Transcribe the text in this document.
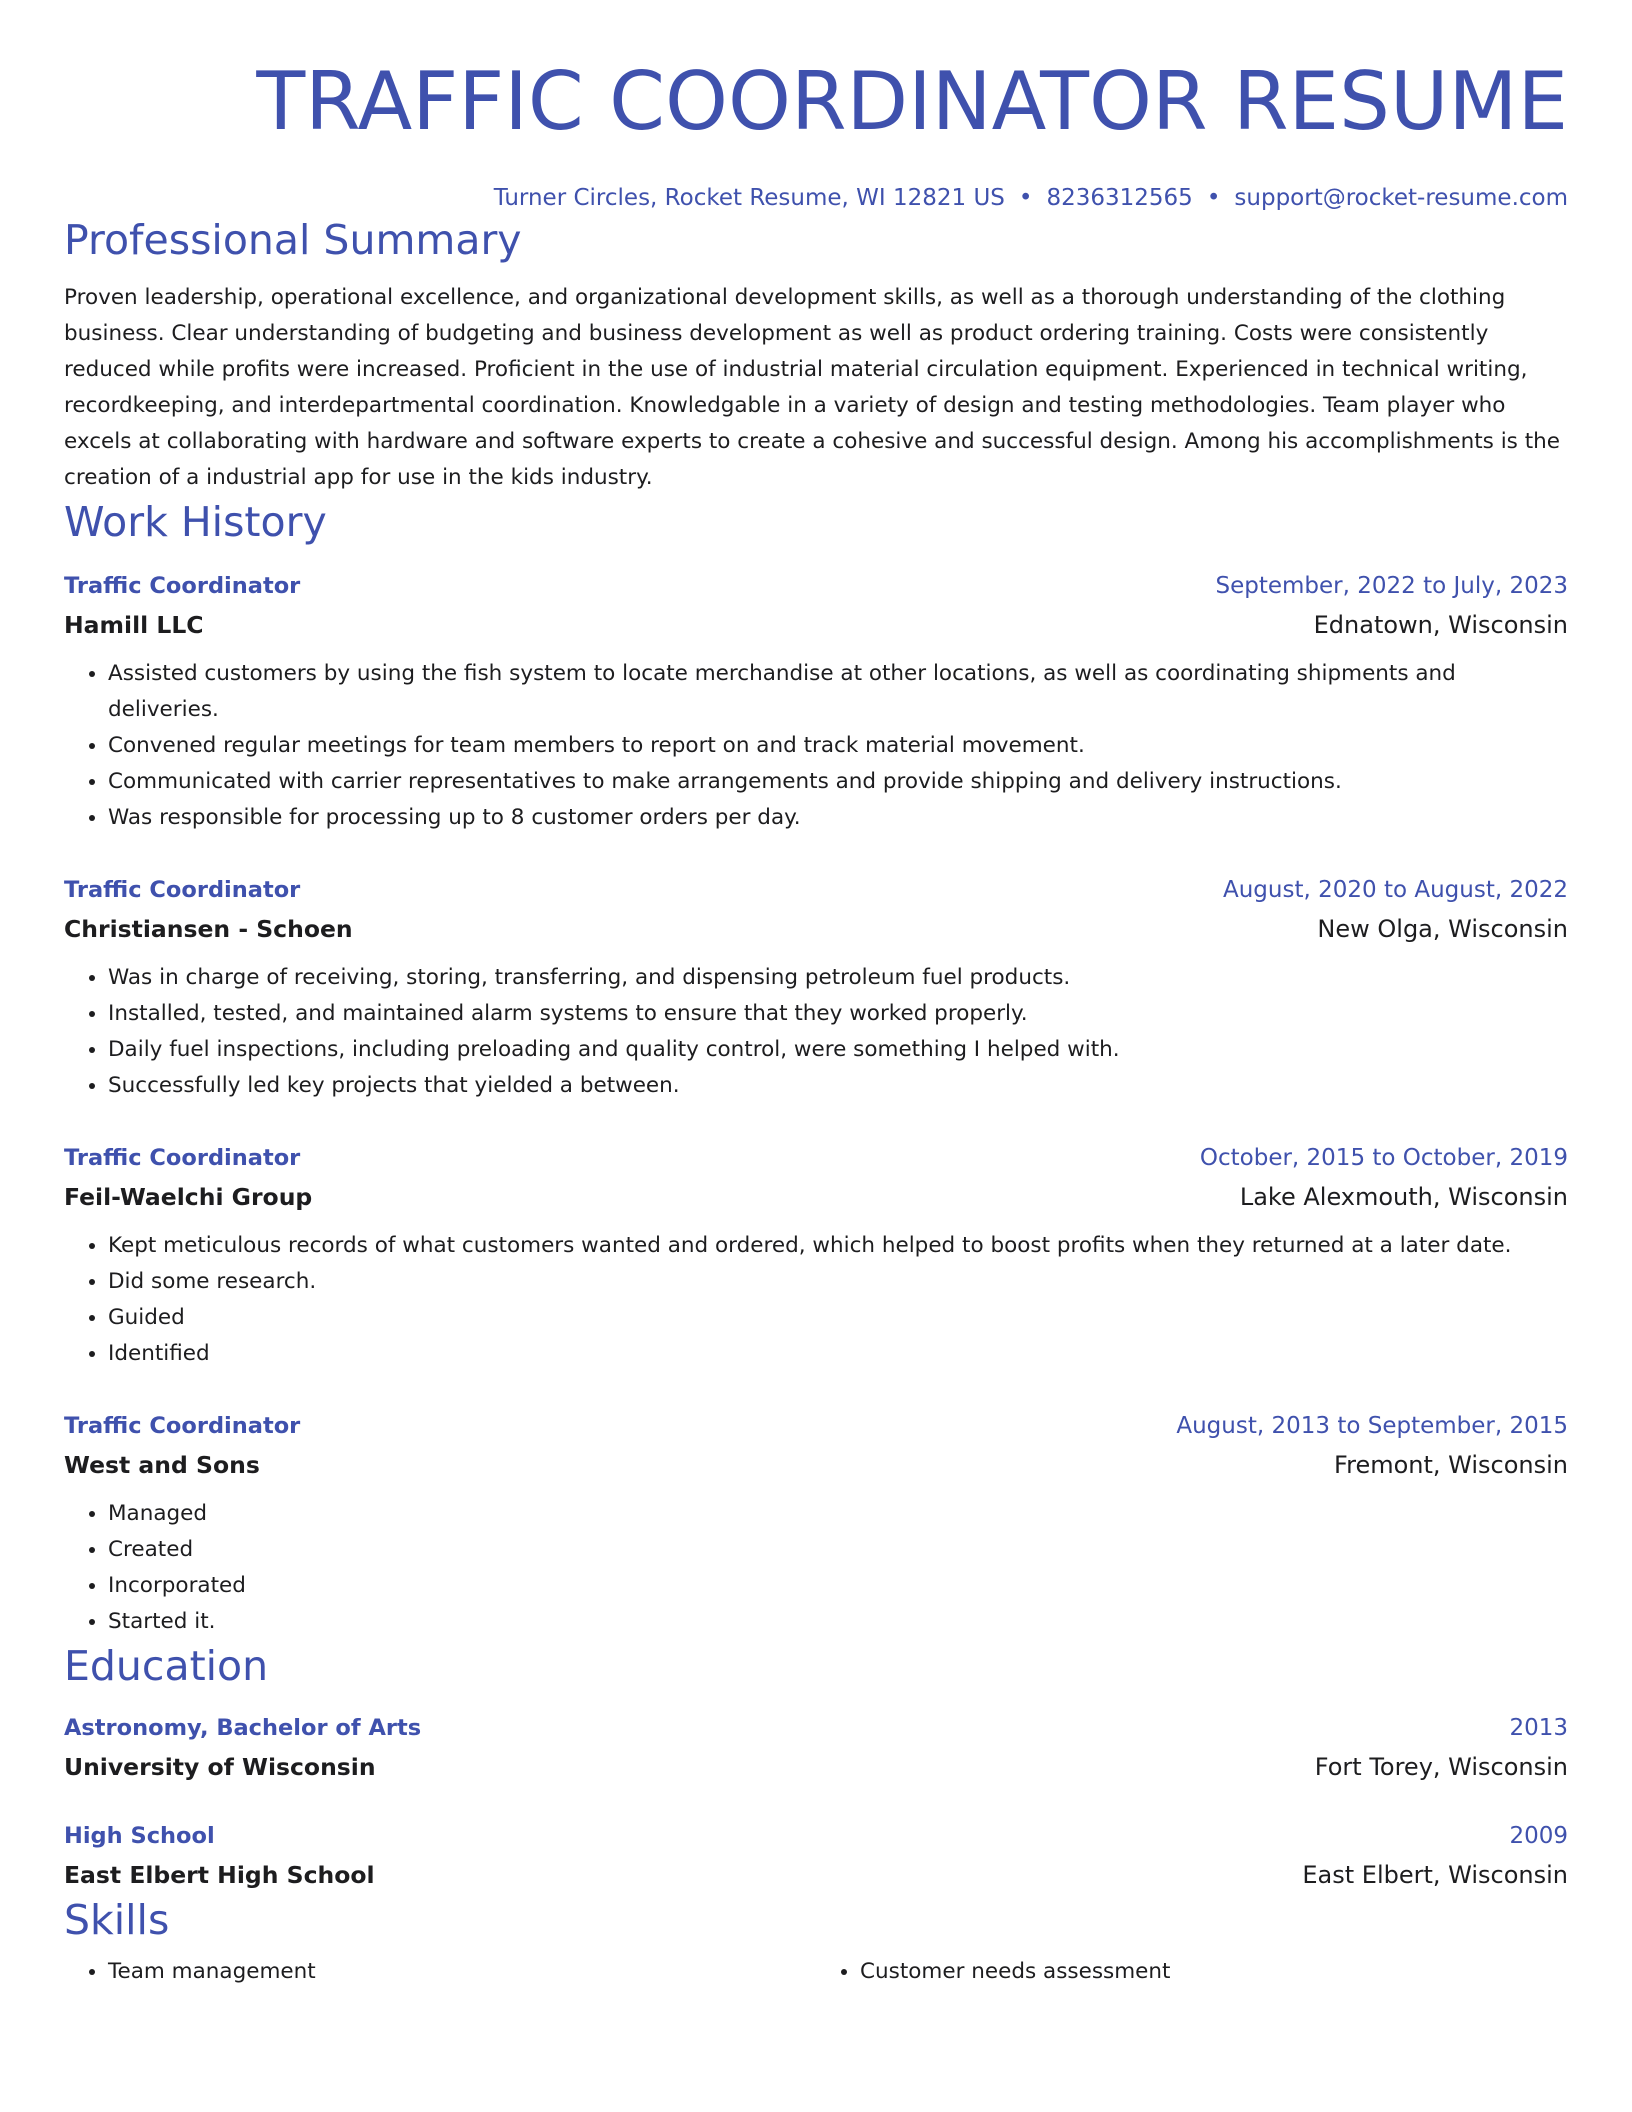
TRAFFIC COORDINATOR RESUME
Turner Circles, Rocket Resume, WI 12821 US • 8236312565 • support@rocket-resume.com
Professional Summary
Proven leadership, operational excellence, and organizational development skills, as well as a thorough understanding of the clothing business. Clear understanding of budgeting and business development as well as product ordering training. Costs were consistently reduced while profits were increased. Proficient in the use of industrial material circulation equipment. Experienced in technical writing, recordkeeping, and interdepartmental coordination. Knowledgable in a variety of design and testing methodologies. Team player who excels at collaborating with hardware and software experts to create a cohesive and successful design. Among his accomplishments is the creation of a industrial app for use in the kids industry.
Work History
Traffic Coordinator	September, 2022 to July, 2023
Hamill LLC	Ednatown, Wisconsin
• Assisted customers by using the fish system to locate merchandise at other locations, as well as coordinating shipments and deliveries.
• Convened regular meetings for team members to report on and track material movement.
• Communicated with carrier representatives to make arrangements and provide shipping and delivery instructions.
• Was responsible for processing up to 8 customer orders per day.
Traffic Coordinator	August, 2020 to August, 2022
Christiansen - Schoen	New Olga, Wisconsin
• Was in charge of receiving, storing, transferring, and dispensing petroleum fuel products.
• Installed, tested, and maintained alarm systems to ensure that they worked properly.
• Daily fuel inspections, including preloading and quality control, were something I helped with.
• Successfully led key projects that yielded a between.
Traffic Coordinator	October, 2015 to October, 2019
Feil-Waelchi Group	Lake Alexmouth, Wisconsin
• Kept meticulous records of what customers wanted and ordered, which helped to boost profits when they returned at a later date.
• Did some research.
• Guided
• Identified
Traffic Coordinator	August, 2013 to September, 2015
West and Sons	Fremont, Wisconsin
• Managed
• Created
• Incorporated
• Started it.
Education
Astronomy, Bachelor of Arts	2013
University of Wisconsin	Fort Torey, Wisconsin
High School	2009
East Elbert High School	East Elbert, Wisconsin
Skills
• Team management
•	Customer needs assessment
